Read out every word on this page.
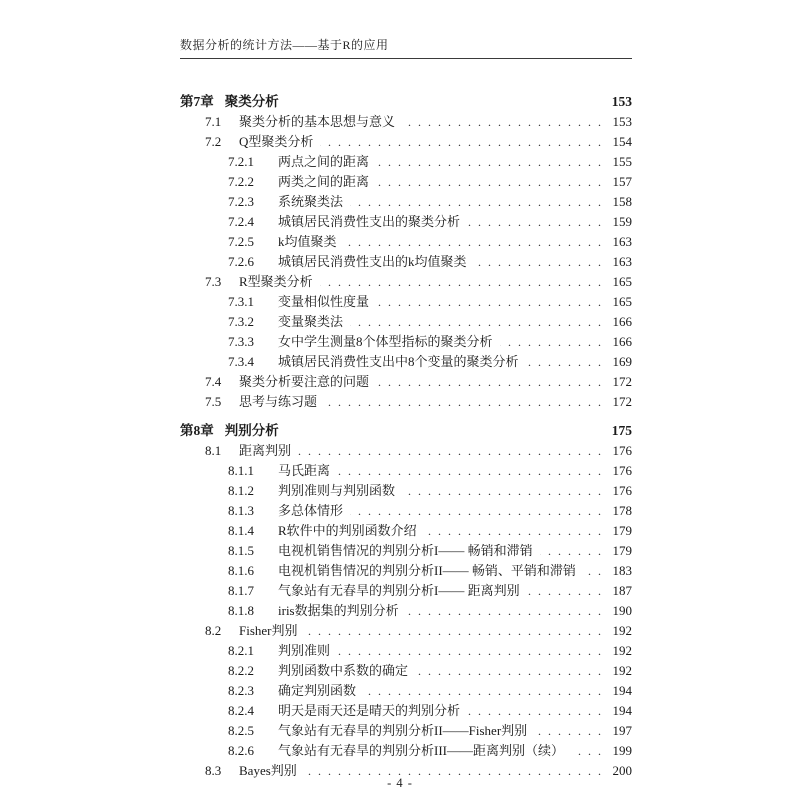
数据分析的统计方法——基于R的应用
第7章 聚类分析	153
7.1	聚类分析的基本思想与意义 . . .	153
7.2	Q型聚类分析 . . .	154
7.2.1	两点之间的距离 . . .	155
7.2.2	两类之间的距离 . . .	157
7.2.3	系统聚类法 . . .	158
7.2.4	城镇居民消费性支出的聚类分析 . . .	159
7.2.5	k均值聚类 . . .	163
7.2.6	城镇居民消费性支出的k均值聚类 . . .	163
7.3	R型聚类分析 . . .	165
7.3.1	变量相似性度量 . . .	165
7.3.2	变量聚类法 . . .	166
7.3.3	女中学生测量8个体型指标的聚类分析 . . .	166
7.3.4	城镇居民消费性支出中8个变量的聚类分析 . . .	169
7.4	聚类分析要注意的问题 . . .	172
7.5	思考与练习题 . . .	172
第8章 判别分析	175
8.1	距离判别 . . .	176
8.1.1	马氏距离 . . .	176
8.1.2	判别准则与判别函数 . . .	176
8.1.3	多总体情形 . . .	178
8.1.4	R软件中的判别函数介绍 . . .	179
8.1.5	电视机销售情况的判别分析I—— 畅销和滞销 . . .	179
8.1.6	电视机销售情况的判别分析II—— 畅销、平销和滞销 . . .	183
8.1.7	气象站有无春旱的判别分析I—— 距离判别 . . .	187
8.1.8	iris数据集的判别分析 . . .	190
8.2	Fisher判别 . . .	192
8.2.1	判别准则 . . .	192
8.2.2	判别函数中系数的确定 . . .	192
8.2.3	确定判别函数 . . .	194
8.2.4	明天是雨天还是晴天的判别分析 . . .	194
8.2.5	气象站有无春旱的判别分析II——Fisher判别 . . .	197
8.2.6	气象站有无春旱的判别分析III——距离判别（续） . . .	199
8.3	Bayes判别 . . .	200
- 4 -
